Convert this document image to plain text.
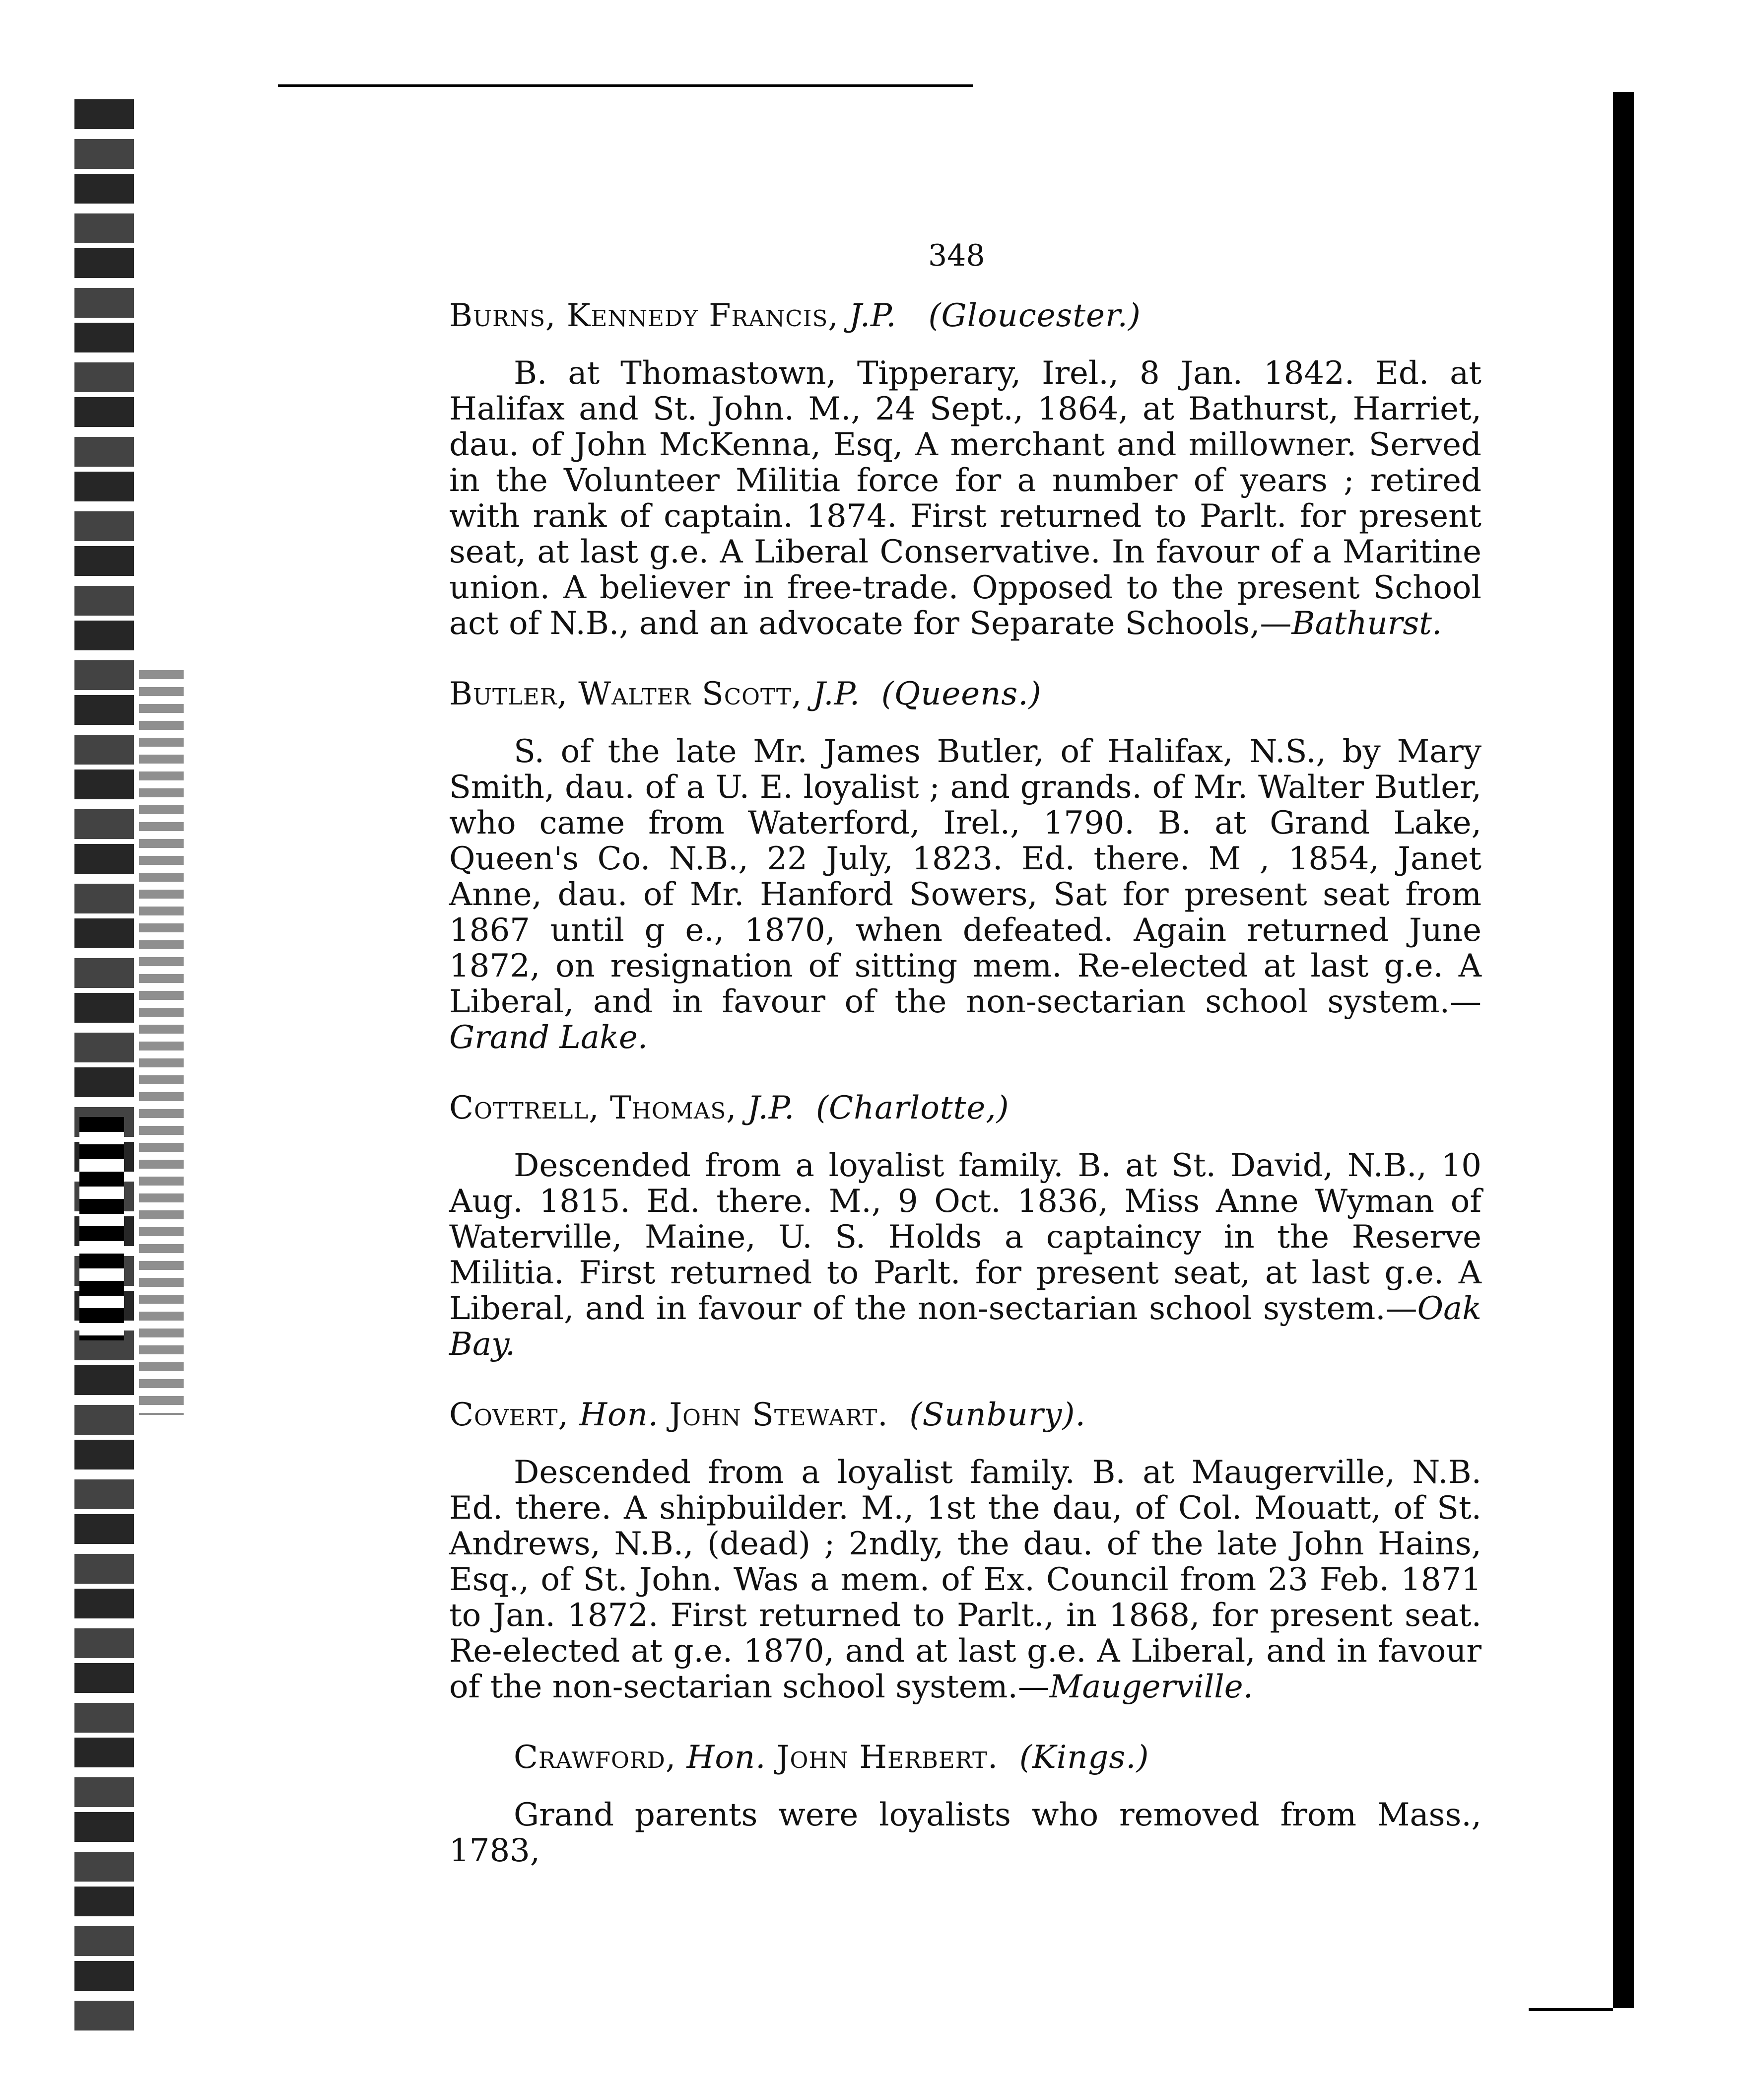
348
Burns, Kennedy Francis, J.P. (Gloucester.)

B. at Thomastown, Tipperary, Irel., 8 Jan. 1842. Ed. at Halifax and St. John. M., 24 Sept., 1864, at Bathurst, Harriet, dau. of John McKenna, Esq, A merchant and millowner. Served in the Volunteer Militia force for a number of years ; retired with rank of captain. 1874. First returned to Parlt. for present seat, at last g.e. A Liberal Conservative. In favour of a Maritine union. A believer in free-trade. Opposed to the present School act of N.B., and an advocate for Separate Schools,—Bathurst.

Butler, Walter Scott, J.P. (Queens.)

S. of the late Mr. James Butler, of Halifax, N.S., by Mary Smith, dau. of a U. E. loyalist ; and grands. of Mr. Walter Butler, who came from Waterford, Irel., 1790. B. at Grand Lake, Queen's Co. N.B., 22 July, 1823. Ed. there. M , 1854, Janet Anne, dau. of Mr. Hanford Sowers, Sat for present seat from 1867 until g e., 1870, when defeated. Again returned June 1872, on resignation of sitting mem. Re-elected at last g.e. A Liberal, and in favour of the non-sectarian school system.—Grand Lake.

Cottrell, Thomas, J.P. (Charlotte,)

Descended from a loyalist family. B. at St. David, N.B., 10 Aug. 1815. Ed. there. M., 9 Oct. 1836, Miss Anne Wyman of Waterville, Maine, U. S. Holds a captaincy in the Reserve Militia. First returned to Parlt. for present seat, at last g.e. A Liberal, and in favour of the non-sectarian school system.—Oak Bay.

Covert, Hon. John Stewart. (Sunbury).

Descended from a loyalist family. B. at Maugerville, N.B. Ed. there. A shipbuilder. M., 1st the dau, of Col. Mouatt, of St. Andrews, N.B., (dead) ; 2ndly, the dau. of the late John Hains, Esq., of St. John. Was a mem. of Ex. Council from 23 Feb. 1871 to Jan. 1872. First returned to Parlt., in 1868, for present seat. Re-elected at g.e. 1870, and at last g.e. A Liberal, and in favour of the non-sectarian school system.—Maugerville.

Crawford, Hon. John Herbert. (Kings.)

Grand parents were loyalists who removed from Mass., 1783,
